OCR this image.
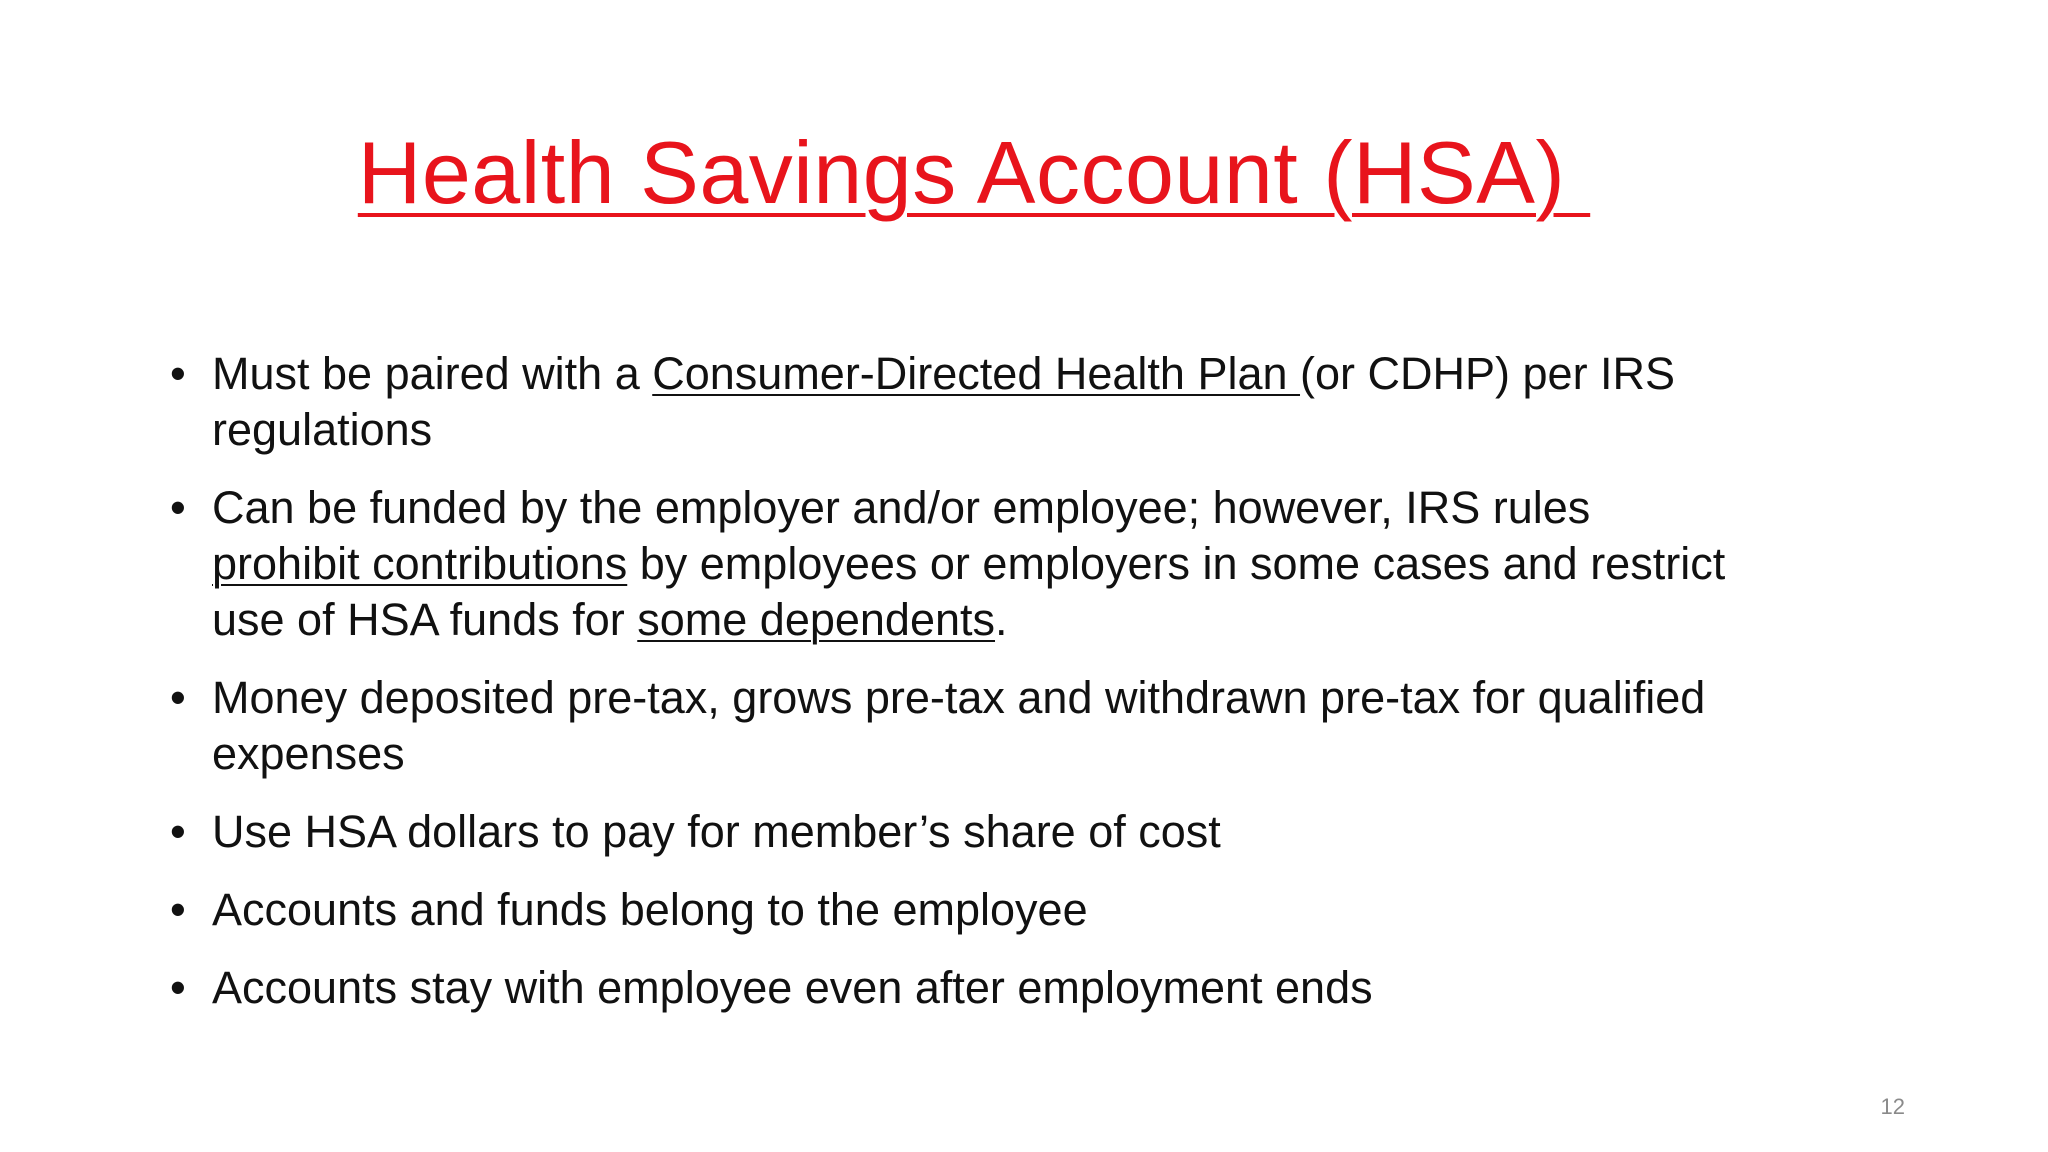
Health Savings Account (HSA)
• Must be paired with a Consumer-Directed Health Plan (or CDHP) per IRS regulations
• Can be funded by the employer and/or employee; however, IRS rules prohibit contributions by employees or employers in some cases and restrict use of HSA funds for some dependents.
• Money deposited pre-tax, grows pre-tax and withdrawn pre-tax for qualified expenses
• Use HSA dollars to pay for member’s share of cost
• Accounts and funds belong to the employee
• Accounts stay with employee even after employment ends
12
